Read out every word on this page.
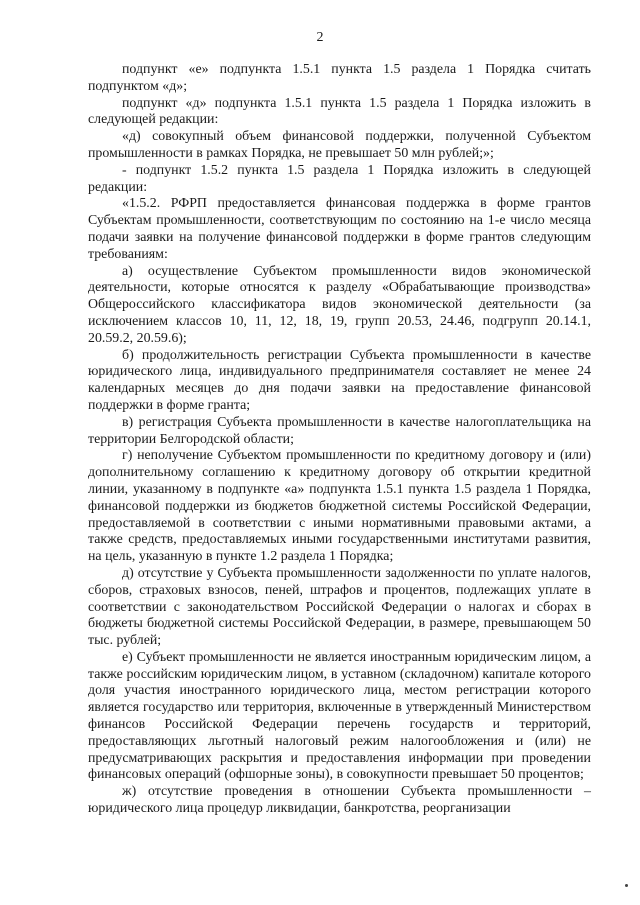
2

подпункт «е» подпункта 1.5.1 пункта 1.5 раздела 1 Порядка считать подпунктом «д»;

подпункт «д» подпункта 1.5.1 пункта 1.5 раздела 1 Порядка изложить в следующей редакции:

«д) совокупный объем финансовой поддержки, полученной Субъектом промышленности в рамках Порядка, не превышает 50 млн рублей;»;

- подпункт 1.5.2 пункта 1.5 раздела 1 Порядка изложить в следующей редакции:

«1.5.2. РФРП предоставляется финансовая поддержка в форме грантов Субъектам промышленности, соответствующим по состоянию на 1-е число месяца подачи заявки на получение финансовой поддержки в форме грантов следующим требованиям:

а) осуществление Субъектом промышленности видов экономической деятельности, которые относятся к разделу «Обрабатывающие производства» Общероссийского классификатора видов экономической деятельности (за исключением классов 10, 11, 12, 18, 19, групп 20.53, 24.46, подгрупп 20.14.1, 20.59.2, 20.59.6);

б) продолжительность регистрации Субъекта промышленности в качестве юридического лица, индивидуального предпринимателя составляет не менее 24 календарных месяцев до дня подачи заявки на предоставление финансовой поддержки в форме гранта;

в) регистрация Субъекта промышленности в качестве налогоплательщика на территории Белгородской области;

г) неполучение Субъектом промышленности по кредитному договору и (или) дополнительному соглашению к кредитному договору об открытии кредитной линии, указанному в подпункте «а» подпункта 1.5.1 пункта 1.5 раздела 1 Порядка, финансовой поддержки из бюджетов бюджетной системы Российской Федерации, предоставляемой в соответствии с иными нормативными правовыми актами, а также средств, предоставляемых иными государственными институтами развития, на цель, указанную в пункте 1.2 раздела 1 Порядка;

д) отсутствие у Субъекта промышленности задолженности по уплате налогов, сборов, страховых взносов, пеней, штрафов и процентов, подлежащих уплате в соответствии с законодательством Российской Федерации о налогах и сборах в бюджеты бюджетной системы Российской Федерации, в размере, превышающем 50 тыс. рублей;

е) Субъект промышленности не является иностранным юридическим лицом, а также российским юридическим лицом, в уставном (складочном) капитале которого доля участия иностранного юридического лица, местом регистрации которого является государство или территория, включенные в утвержденный Министерством финансов Российской Федерации перечень государств и территорий, предоставляющих льготный налоговый режим налогообложения и (или) не предусматривающих раскрытия и предоставления информации при проведении финансовых операций (офшорные зоны), в совокупности превышает 50 процентов;

ж) отсутствие проведения в отношении Субъекта промышленности – юридического лица процедур ликвидации, банкротства, реорганизации
